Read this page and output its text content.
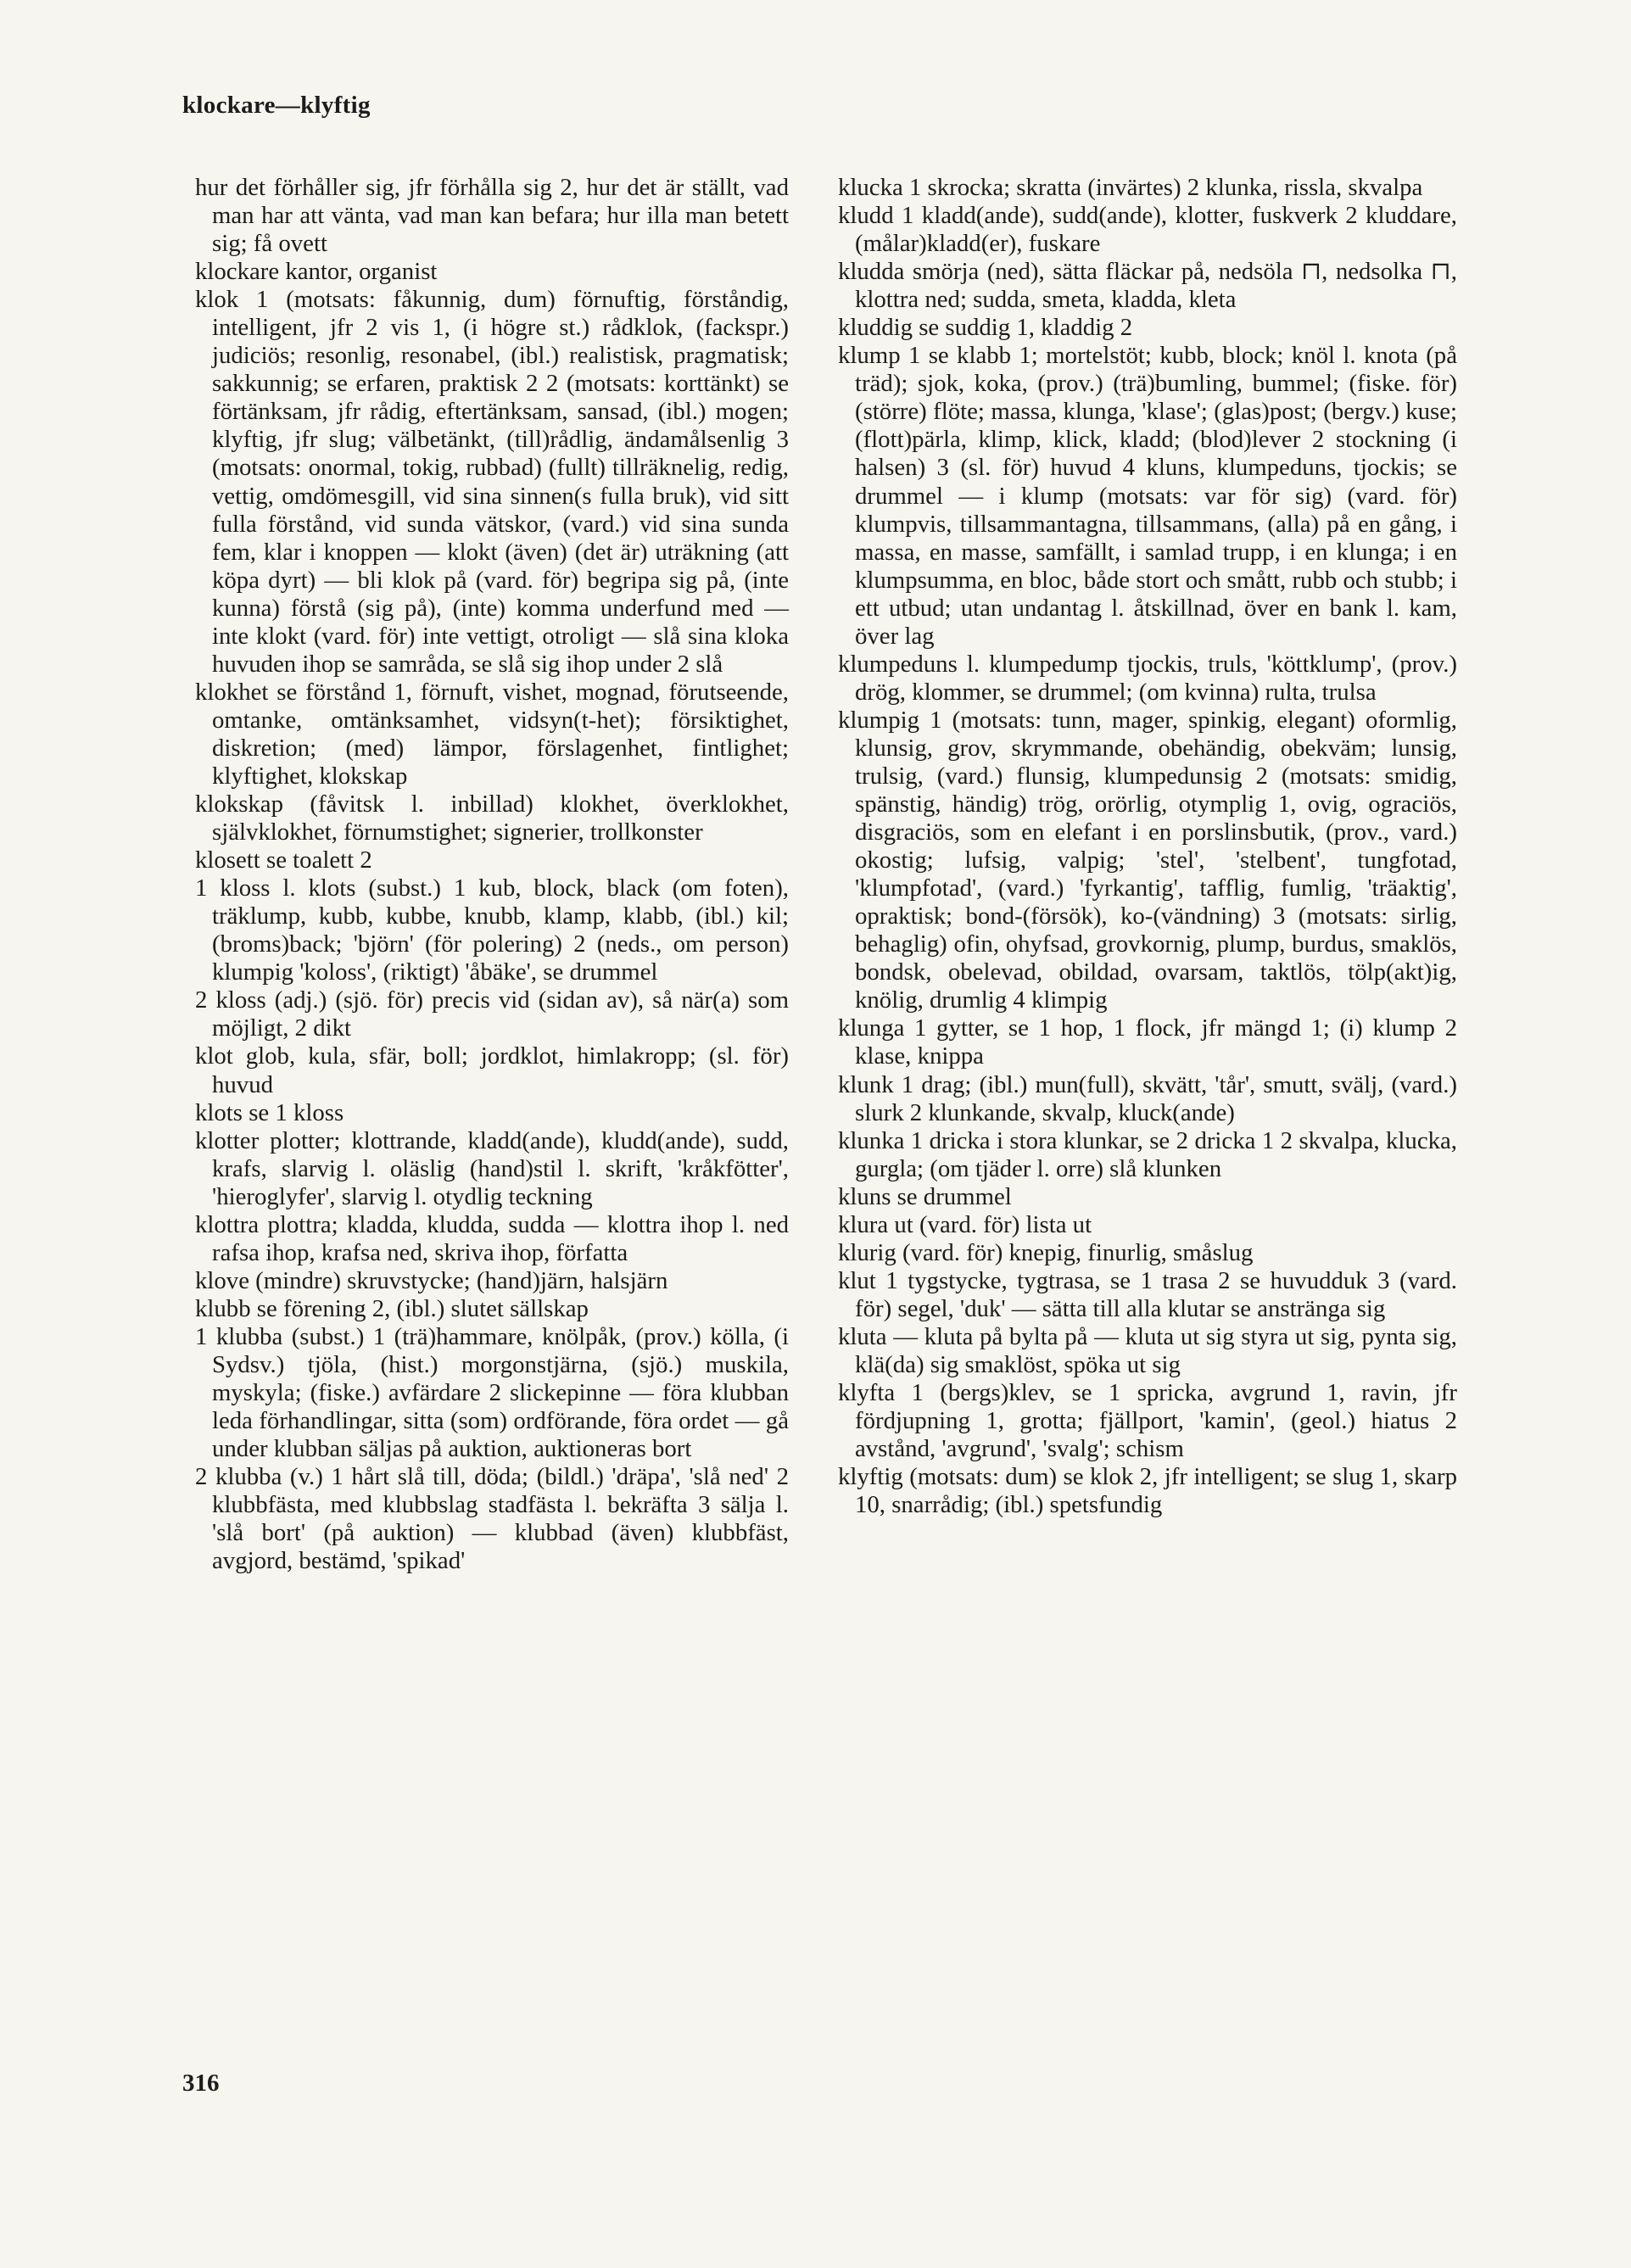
klockare—klyftig

hur det förhåller sig, jfr förhålla sig 2, hur det är ställt, vad man har att vänta, vad man kan befara; hur illa man betett sig; få ovett

klockare kantor, organist

klok 1 (motsats: fåkunnig, dum) förnuftig, förståndig, intelligent, jfr 2 vis 1, (i högre st.) rådklok, (fackspr.) judiciös; resonlig, resonabel, (ibl.) realistisk, pragmatisk; sakkunnig; se erfaren, praktisk 2 2 (motsats: korttänkt) se förtänksam, jfr rådig, eftertänksam, sansad, (ibl.) mogen; klyftig, jfr slug; välbetänkt, (till)rådlig, ändamålsenlig 3 (motsats: onormal, tokig, rubbad) (fullt) tillräknelig, redig, vettig, omdömesgill, vid sina sinnen(s fulla bruk), vid sitt fulla förstånd, vid sunda vätskor, (vard.) vid sina sunda fem, klar i knoppen — klokt (även) (det är) uträkning (att köpa dyrt) — bli klok på (vard. för) begripa sig på, (inte kunna) förstå (sig på), (inte) komma underfund med — inte klokt (vard. för) inte vettigt, otroligt — slå sina kloka huvuden ihop se samråda, se slå sig ihop under 2 slå

klokhet se förstånd 1, förnuft, vishet, mognad, förutseende, omtanke, omtänksamhet, vidsyn(t-het); försiktighet, diskretion; (med) lämpor, förslagenhet, fintlighet; klyftighet, klokskap

klokskap (fåvitsk l. inbillad) klokhet, överklokhet, självklokhet, förnumstighet; signerier, trollkonster

klosett se toalett 2

1 kloss l. klots (subst.) 1 kub, block, black (om foten), träklump, kubb, kubbe, knubb, klamp, klabb, (ibl.) kil; (broms)back; 'björn' (för polering) 2 (neds., om person) klumpig 'koloss', (riktigt) 'åbäke', se drummel

2 kloss (adj.) (sjö. för) precis vid (sidan av), så när(a) som möjligt, 2 dikt

klot glob, kula, sfär, boll; jordklot, himlakropp; (sl. för) huvud

klots se 1 kloss

klotter plotter; klottrande, kladd(ande), kludd(ande), sudd, krafs, slarvig l. oläslig (hand)stil l. skrift, 'kråkfötter', 'hieroglyfer', slarvig l. otydlig teckning

klottra plottra; kladda, kludda, sudda — klottra ihop l. ned rafsa ihop, krafsa ned, skriva ihop, författa

klove (mindre) skruvstycke; (hand)järn, halsjärn

klubb se förening 2, (ibl.) slutet sällskap

1 klubba (subst.) 1 (trä)hammare, knölpåk, (prov.) kölla, (i Sydsv.) tjöla, (hist.) morgonstjärna, (sjö.) muskila, myskyla; (fiske.) avfärdare 2 slickepinne — föra klubban leda förhandlingar, sitta (som) ordförande, föra ordet — gå under klubban säljas på auktion, auktioneras bort

2 klubba (v.) 1 hårt slå till, döda; (bildl.) 'dräpa', 'slå ned' 2 klubbfästa, med klubbslag stadfästa l. bekräfta 3 sälja l. 'slå bort' (på auktion) — klubbad (även) klubbfäst, avgjord, bestämd, 'spikad'

klucka 1 skrocka; skratta (invärtes) 2 klunka, rissla, skvalpa

kludd 1 kladd(ande), sudd(ande), klotter, fuskverk 2 kluddare, (målar)kladd(er), fuskare

kludda smörja (ned), sätta fläckar på, nedsöla ⊓, nedsolka ⊓, klottra ned; sudda, smeta, kladda, kleta

kluddig se suddig 1, kladdig 2

klump 1 se klabb 1; mortelstöt; kubb, block; knöl l. knota (på träd); sjok, koka, (prov.) (trä)bumling, bummel; (fiske. för) (större) flöte; massa, klunga, 'klase'; (glas)post; (bergv.) kuse; (flott)pärla, klimp, klick, kladd; (blod)lever 2 stockning (i halsen) 3 (sl. för) huvud 4 kluns, klumpeduns, tjockis; se drummel — i klump (motsats: var för sig) (vard. för) klumpvis, tillsammantagna, tillsammans, (alla) på en gång, i massa, en masse, samfällt, i samlad trupp, i en klunga; i en klumpsumma, en bloc, både stort och smått, rubb och stubb; i ett utbud; utan undantag l. åtskillnad, över en bank l. kam, över lag

klumpeduns l. klumpedump tjockis, truls, 'köttklump', (prov.) drög, klommer, se drummel; (om kvinna) rulta, trulsa

klumpig 1 (motsats: tunn, mager, spinkig, elegant) oformlig, klunsig, grov, skrymmande, obehändig, obekväm; lunsig, trulsig, (vard.) flunsig, klumpedunsig 2 (motsats: smidig, spänstig, händig) trög, orörlig, otymplig 1, ovig, ograciös, disgraciös, som en elefant i en porslinsbutik, (prov., vard.) okostig; lufsig, valpig; 'stel', 'stelbent', tungfotad, 'klumpfotad', (vard.) 'fyrkantig', tafflig, fumlig, 'träaktig', opraktisk; bond-(försök), ko-(vändning) 3 (motsats: sirlig, behaglig) ofin, ohyfsad, grovkornig, plump, burdus, smaklös, bondsk, obelevad, obildad, ovarsam, taktlös, tölp(akt)ig, knölig, drumlig 4 klimpig

klunga 1 gytter, se 1 hop, 1 flock, jfr mängd 1; (i) klump 2 klase, knippa

klunk 1 drag; (ibl.) mun(full), skvätt, 'tår', smutt, svälj, (vard.) slurk 2 klunkande, skvalp, kluck(ande)

klunka 1 dricka i stora klunkar, se 2 dricka 1 2 skvalpa, klucka, gurgla; (om tjäder l. orre) slå klunken

kluns se drummel

klura ut (vard. för) lista ut

klurig (vard. för) knepig, finurlig, småslug

klut 1 tygstycke, tygtrasa, se 1 trasa 2 se huvudduk 3 (vard. för) segel, 'duk' — sätta till alla klutar se anstränga sig

kluta — kluta på bylta på — kluta ut sig styra ut sig, pynta sig, klä(da) sig smaklöst, spöka ut sig

klyfta 1 (bergs)klev, se 1 spricka, avgrund 1, ravin, jfr fördjupning 1, grotta; fjällport, 'kamin', (geol.) hiatus 2 avstånd, 'avgrund', 'svalg'; schism

klyftig (motsats: dum) se klok 2, jfr intelligent; se slug 1, skarp 10, snarrådig; (ibl.) spetsfundig

316
